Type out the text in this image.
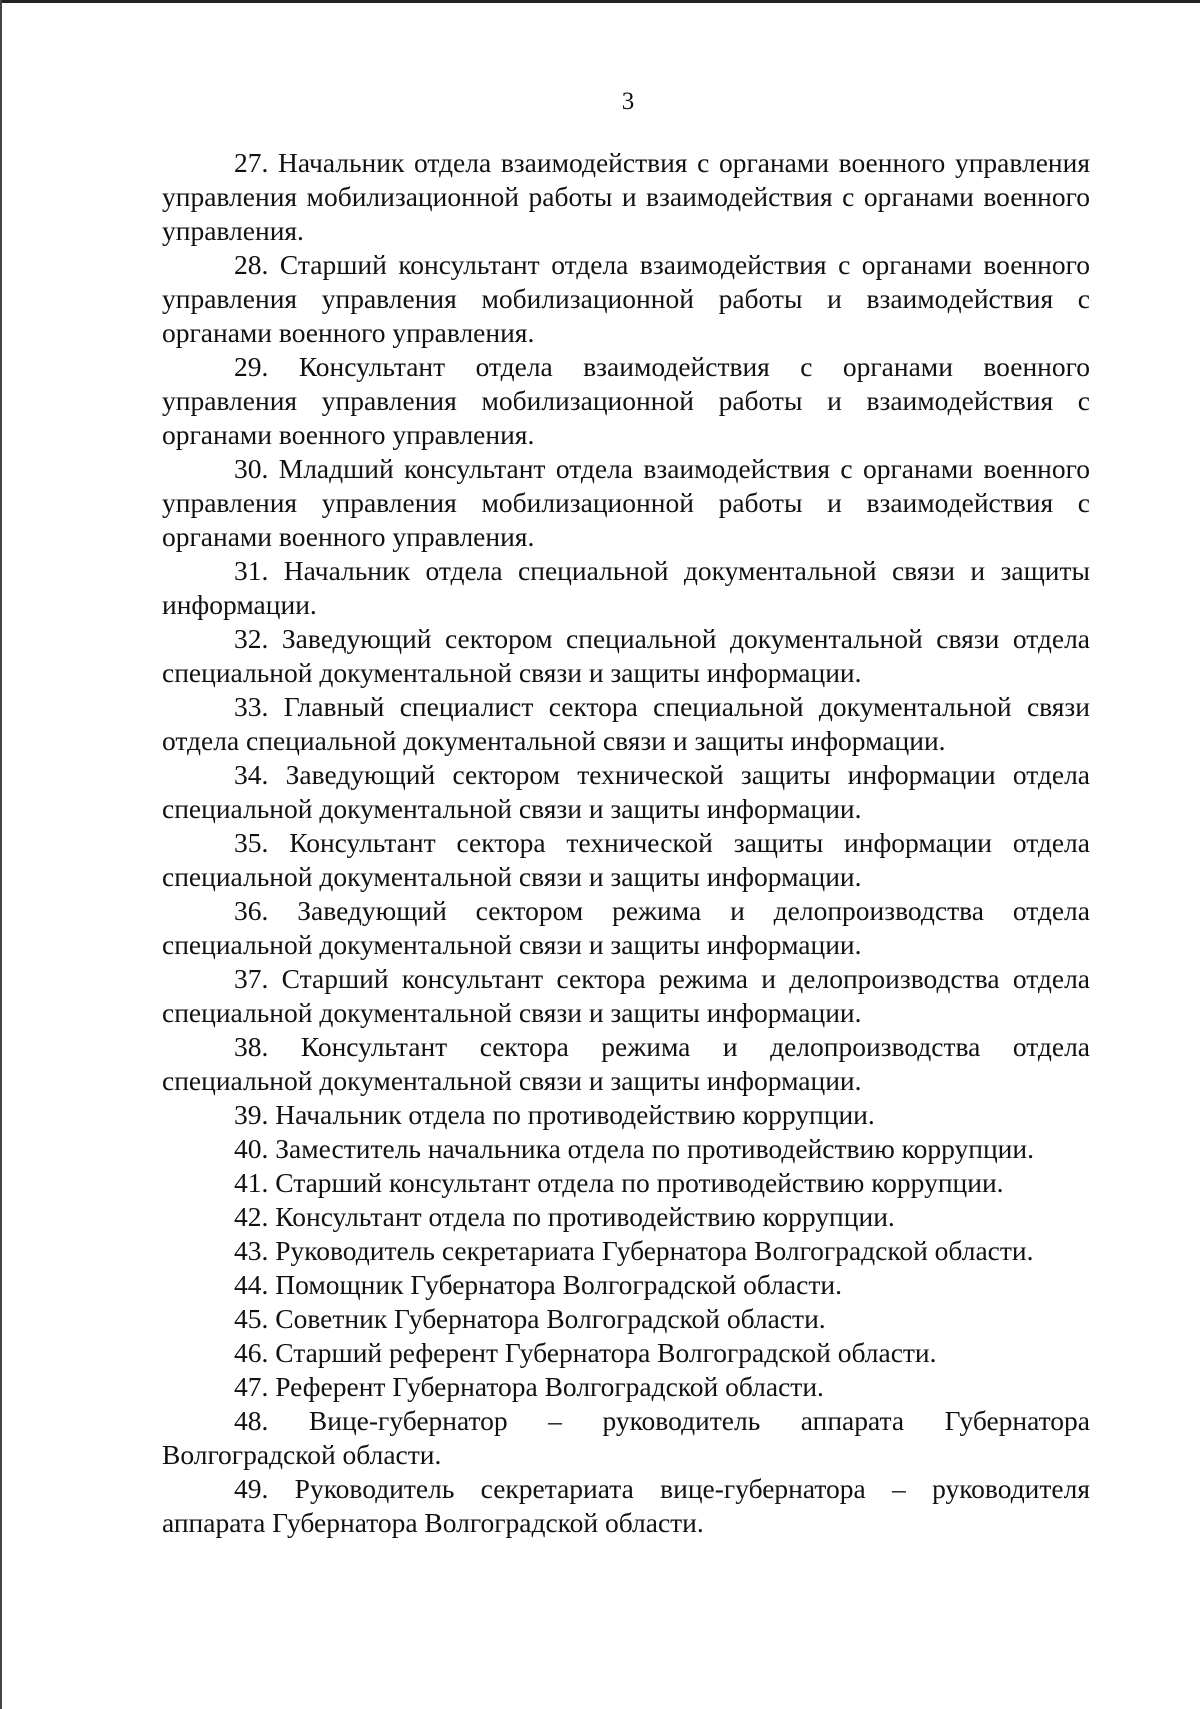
3

27. Начальник отдела взаимодействия с органами военного управления управления мобилизационной работы и взаимодействия с органами военного управления.

28. Старший консультант отдела взаимодействия с органами военного управления управления мобилизационной работы и взаимодействия с органами военного управления.

29. Консультант отдела взаимодействия с органами военного управления управления мобилизационной работы и взаимодействия с органами военного управления.

30. Младший консультант отдела взаимодействия с органами военного управления управления мобилизационной работы и взаимодействия с органами военного управления.

31. Начальник отдела специальной документальной связи и защиты информации.

32. Заведующий сектором специальной документальной связи отдела специальной документальной связи и защиты информации.

33. Главный специалист сектора специальной документальной связи отдела специальной документальной связи и защиты информации.

34. Заведующий сектором технической защиты информации отдела специальной документальной связи и защиты информации.

35. Консультант сектора технической защиты информации отдела специальной документальной связи и защиты информации.

36. Заведующий сектором режима и делопроизводства отдела специальной документальной связи и защиты информации.

37. Старший консультант сектора режима и делопроизводства отдела специальной документальной связи и защиты информации.

38. Консультант сектора режима и делопроизводства отдела специальной документальной связи и защиты информации.

39. Начальник отдела по противодействию коррупции.

40. Заместитель начальника отдела по противодействию коррупции.

41. Старший консультант отдела по противодействию коррупции.

42. Консультант отдела по противодействию коррупции.

43. Руководитель секретариата Губернатора Волгоградской области.

44. Помощник Губернатора Волгоградской области.

45. Советник Губернатора Волгоградской области.

46. Старший референт Губернатора Волгоградской области.

47. Референт Губернатора Волгоградской области.

48. Вице-губернатор – руководитель аппарата Губернатора Волгоградской области.

49. Руководитель секретариата вице-губернатора – руководителя аппарата Губернатора Волгоградской области.
